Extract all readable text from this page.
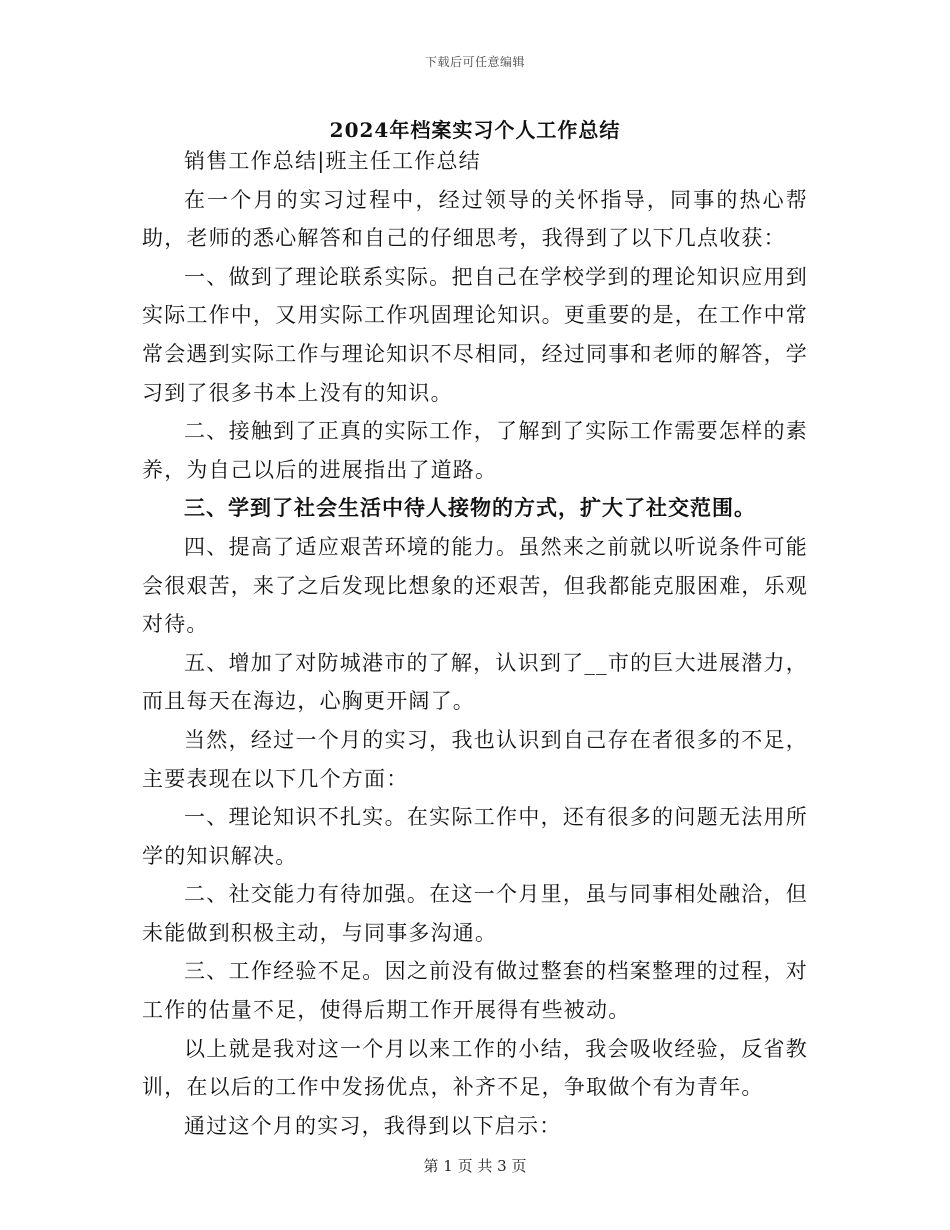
下载后可任意编辑
2024年档案实习个人工作总结

销售工作总结|班主任工作总结

在一个月的实习过程中，经过领导的关怀指导，同事的热心帮助，老师的悉心解答和自己的仔细思考，我得到了以下几点收获：

一、做到了理论联系实际。把自己在学校学到的理论知识应用到实际工作中，又用实际工作巩固理论知识。更重要的是，在工作中常常会遇到实际工作与理论知识不尽相同，经过同事和老师的解答，学习到了很多书本上没有的知识。

二、接触到了正真的实际工作，了解到了实际工作需要怎样的素养，为自己以后的进展指出了道路。

三、学到了社会生活中待人接物的方式，扩大了社交范围。

四、提高了适应艰苦环境的能力。虽然来之前就以听说条件可能会很艰苦，来了之后发现比想象的还艰苦，但我都能克服困难，乐观对待。

五、增加了对防城港市的了解，认识到了__市的巨大进展潜力，而且每天在海边，心胸更开阔了。

当然，经过一个月的实习，我也认识到自己存在者很多的不足，主要表现在以下几个方面：

一、理论知识不扎实。在实际工作中，还有很多的问题无法用所学的知识解决。

二、社交能力有待加强。在这一个月里，虽与同事相处融洽，但未能做到积极主动，与同事多沟通。

三、工作经验不足。因之前没有做过整套的档案整理的过程，对工作的估量不足，使得后期工作开展得有些被动。

以上就是我对这一个月以来工作的小结，我会吸收经验，反省教训，在以后的工作中发扬优点，补齐不足，争取做个有为青年。

通过这个月的实习，我得到以下启示：

第 1 页 共 3 页
